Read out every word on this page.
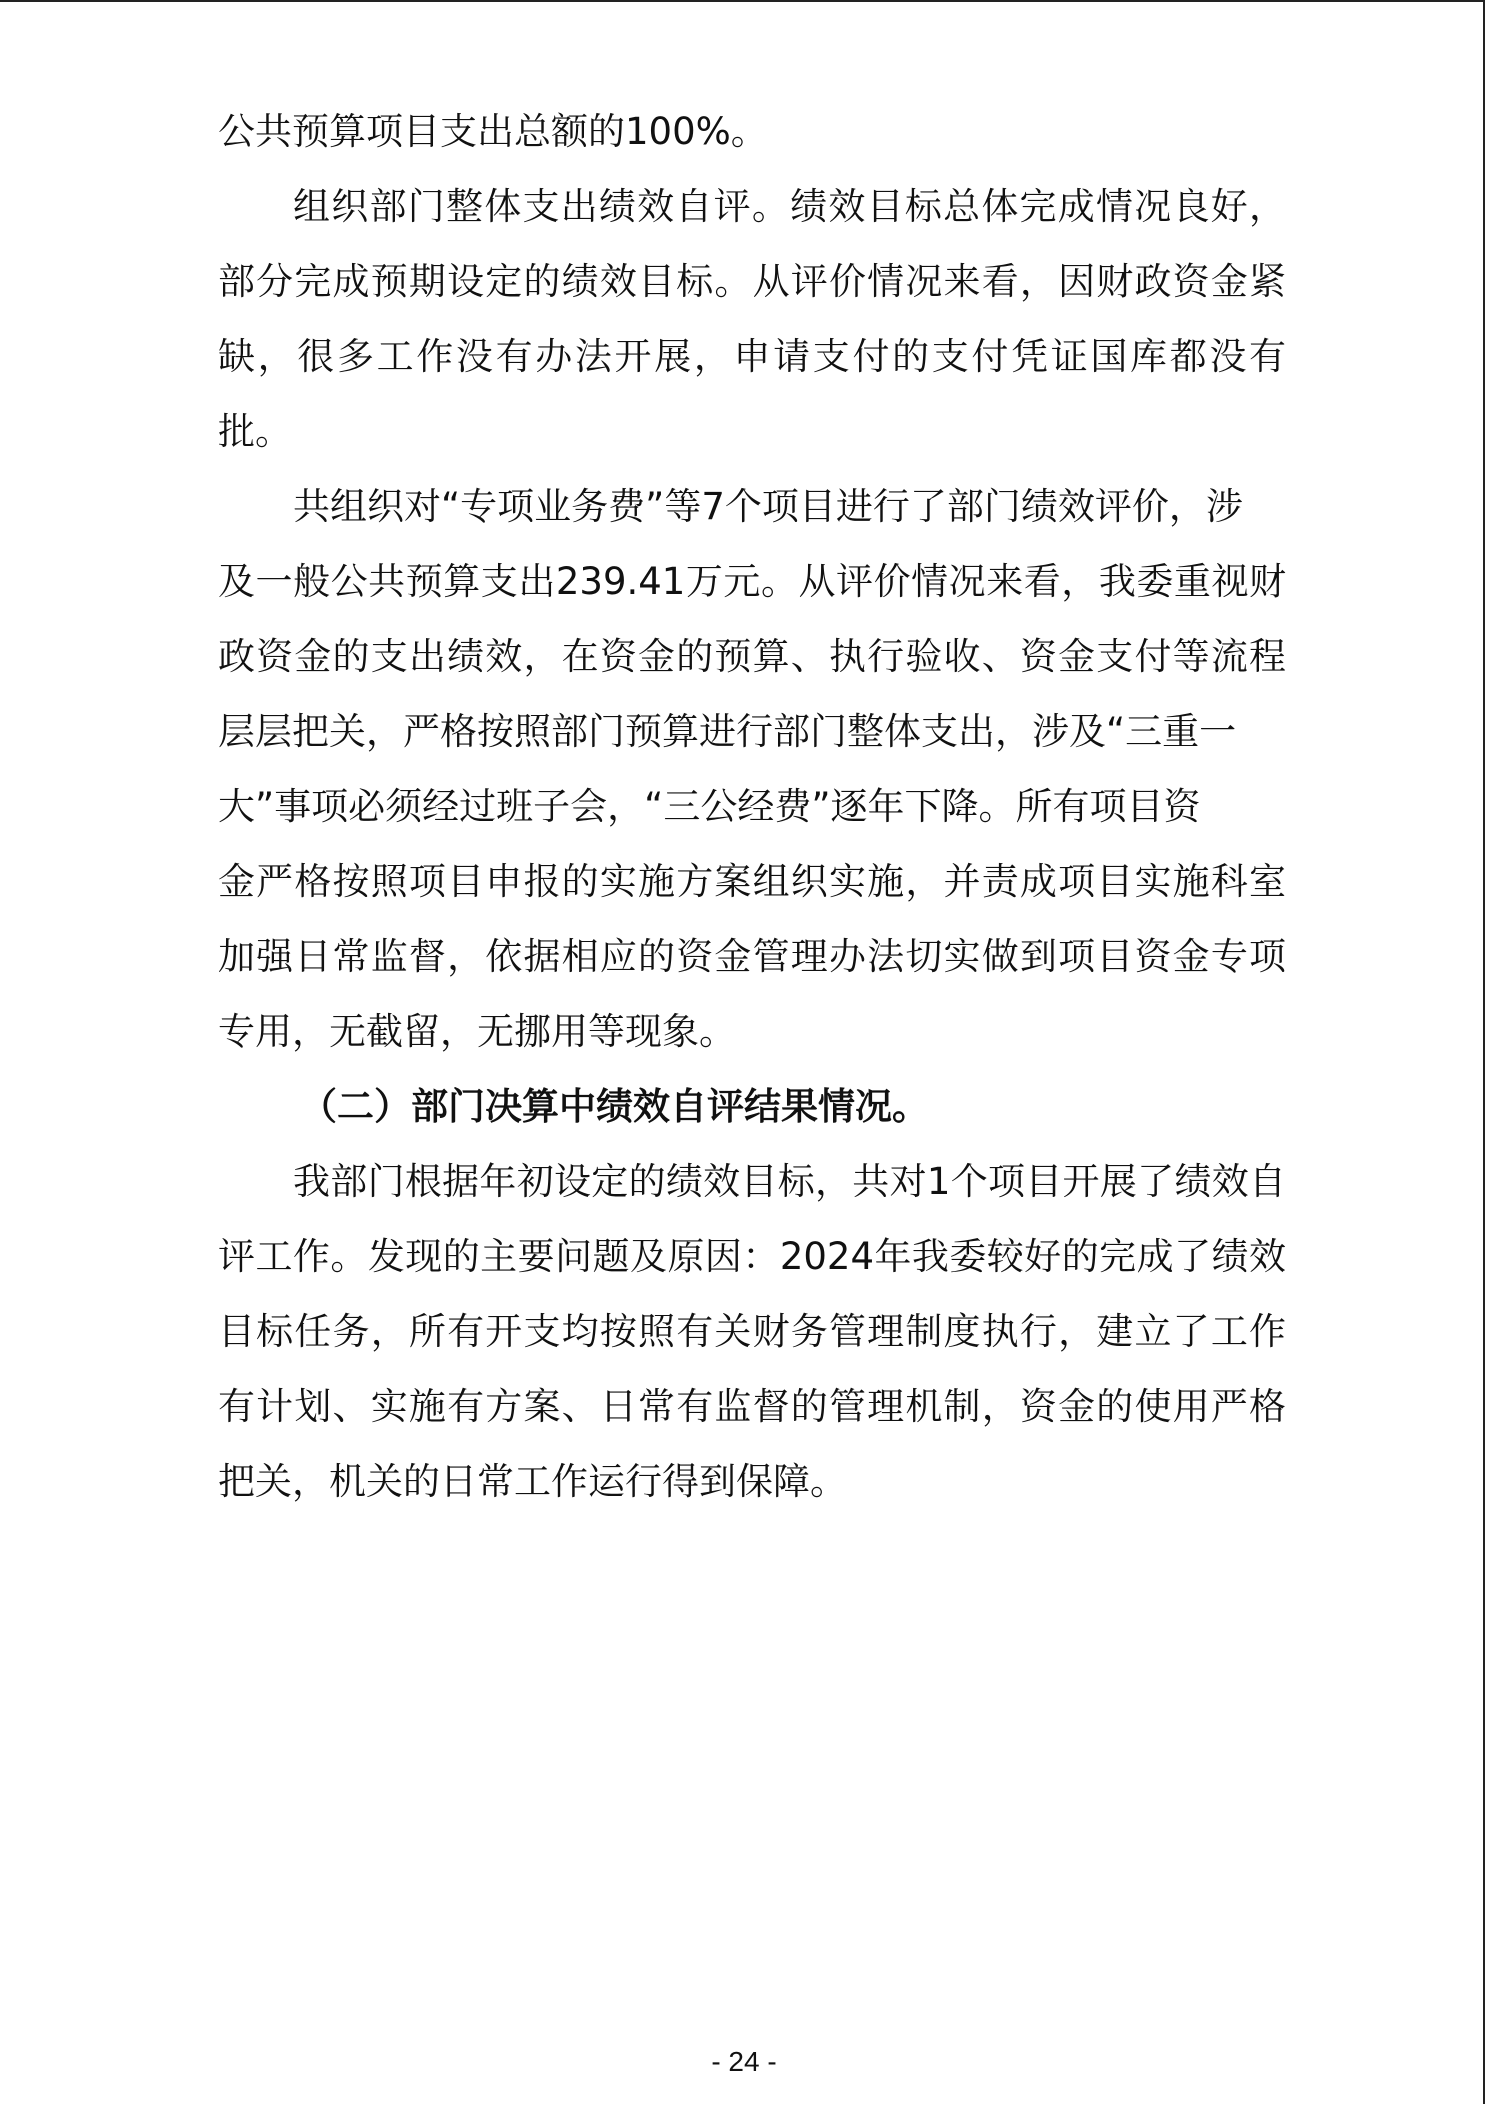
公共预算项目支出总额的100%。
组织部门整体支出绩效自评。绩效目标总体完成情况良好，
部分完成预期设定的绩效目标。从评价情况来看，因财政资金紧
缺，很多工作没有办法开展，申请支付的支付凭证国库都没有
批。
共组织对“专项业务费”等7个项目进行了部门绩效评价，涉
及一般公共预算支出239.41万元。从评价情况来看，我委重视财
政资金的支出绩效，在资金的预算、执行验收、资金支付等流程
层层把关，严格按照部门预算进行部门整体支出，涉及“三重一
大”事项必须经过班子会，“三公经费”逐年下降。所有项目资
金严格按照项目申报的实施方案组织实施，并责成项目实施科室
加强日常监督，依据相应的资金管理办法切实做到项目资金专项
专用，无截留，无挪用等现象。
（二）部门决算中绩效自评结果情况。
我部门根据年初设定的绩效目标，共对1个项目开展了绩效自
评工作。发现的主要问题及原因：2024年我委较好的完成了绩效
目标任务，所有开支均按照有关财务管理制度执行，建立了工作
有计划、实施有方案、日常有监督的管理机制，资金的使用严格
把关，机关的日常工作运行得到保障。
- 24 -
